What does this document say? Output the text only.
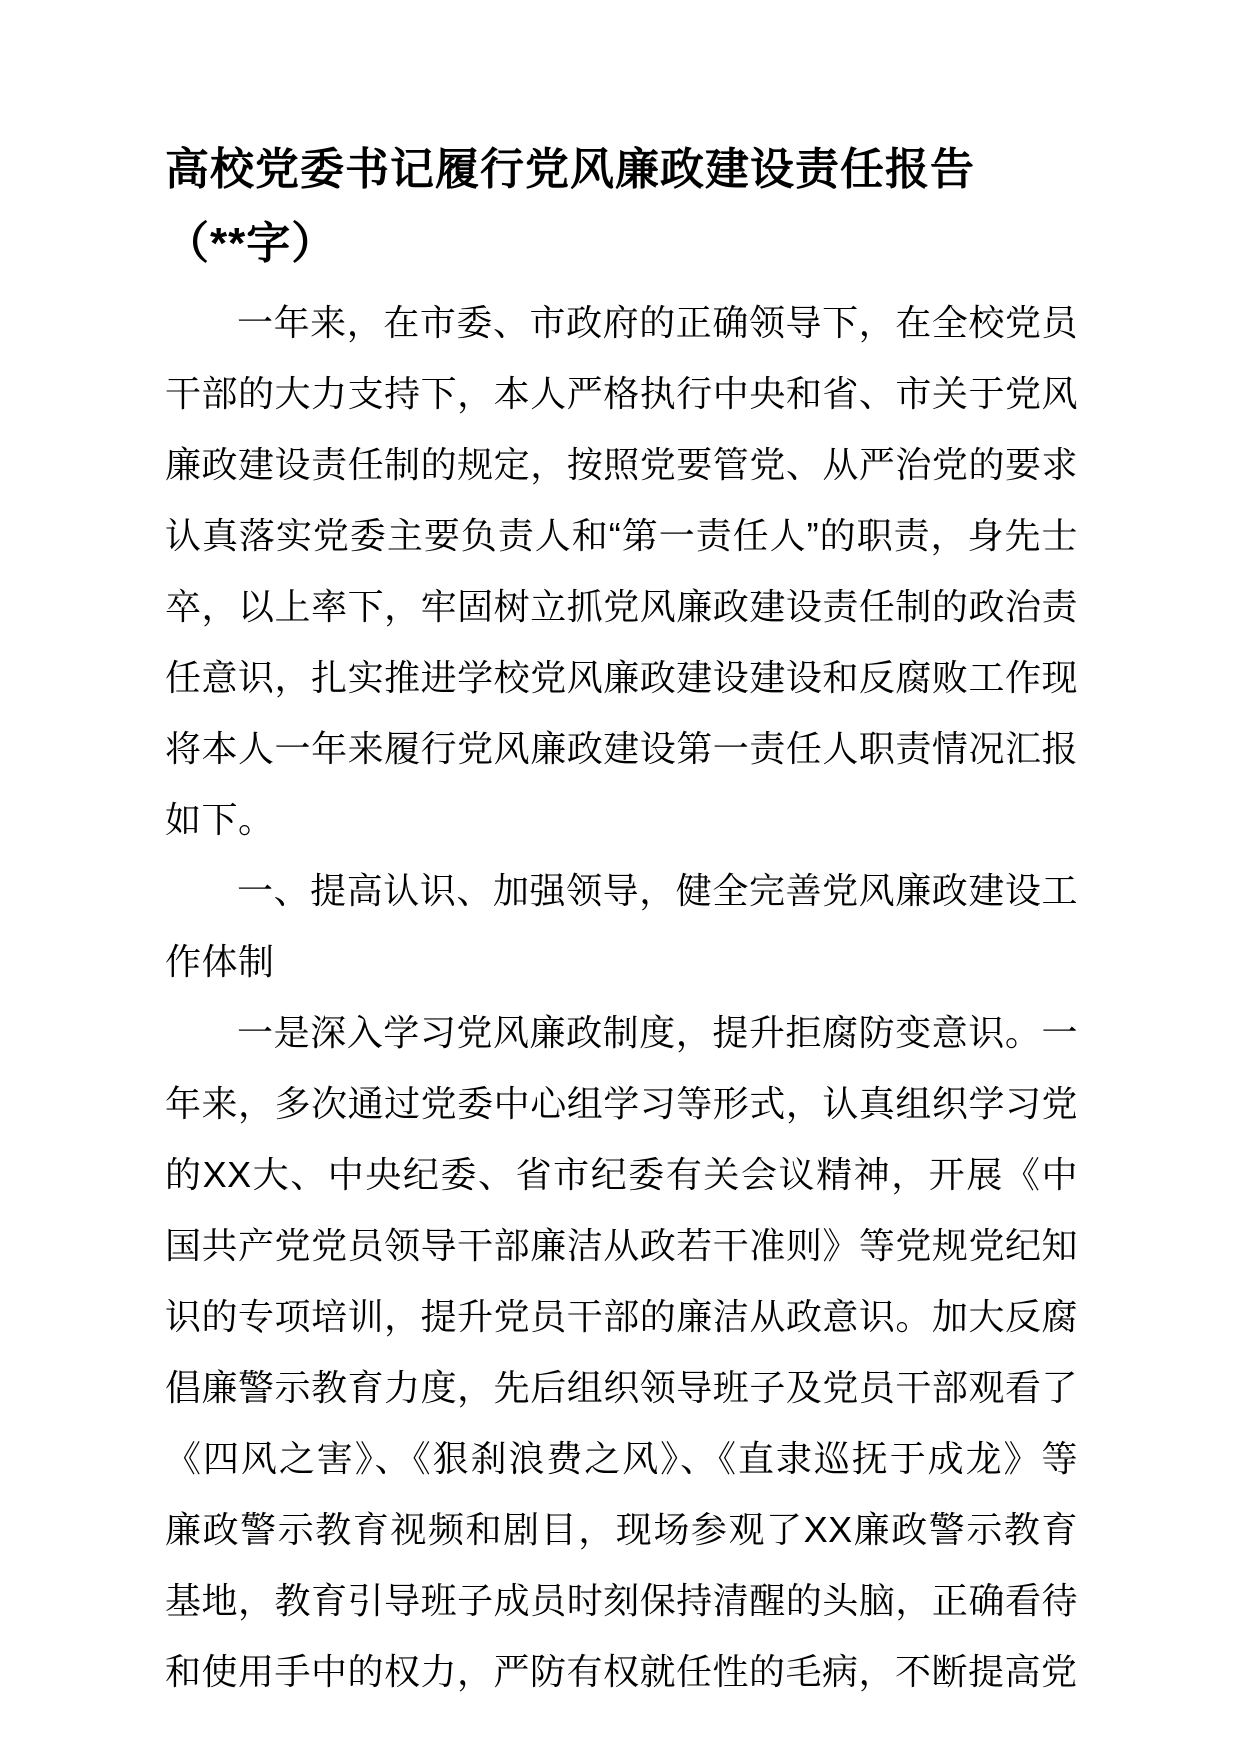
高校党委书记履行党风廉政建设责任报告
（**字）

一年来，在市委、市政府的正确领导下，在全校党员干部的大力支持下，本人严格执行中央和省、市关于党风廉政建设责任制的规定，按照党要管党、从严治党的要求认真落实党委主要负责人和“第一责任人”的职责，身先士卒，以上率下，牢固树立抓党风廉政建设责任制的政治责任意识，扎实推进学校党风廉政建设建设和反腐败工作现将本人一年来履行党风廉政建设第一责任人职责情况汇报如下。

一、提高认识、加强领导，健全完善党风廉政建设工作体制

一是深入学习党风廉政制度，提升拒腐防变意识。一年来，多次通过党委中心组学习等形式，认真组织学习党的XX大、中央纪委、省市纪委有关会议精神，开展《中国共产党党员领导干部廉洁从政若干准则》等党规党纪知识的专项培训，提升党员干部的廉洁从政意识。加大反腐倡廉警示教育力度，先后组织领导班子及党员干部观看了《四风之害》、《狠刹浪费之风》、《直隶巡抚于成龙》等廉政警示教育视频和剧目，现场参观了XX廉政警示教育基地，教育引导班子成员时刻保持清醒的头脑，正确看待和使用手中的权力，严防有权就任性的毛病，不断提高党
